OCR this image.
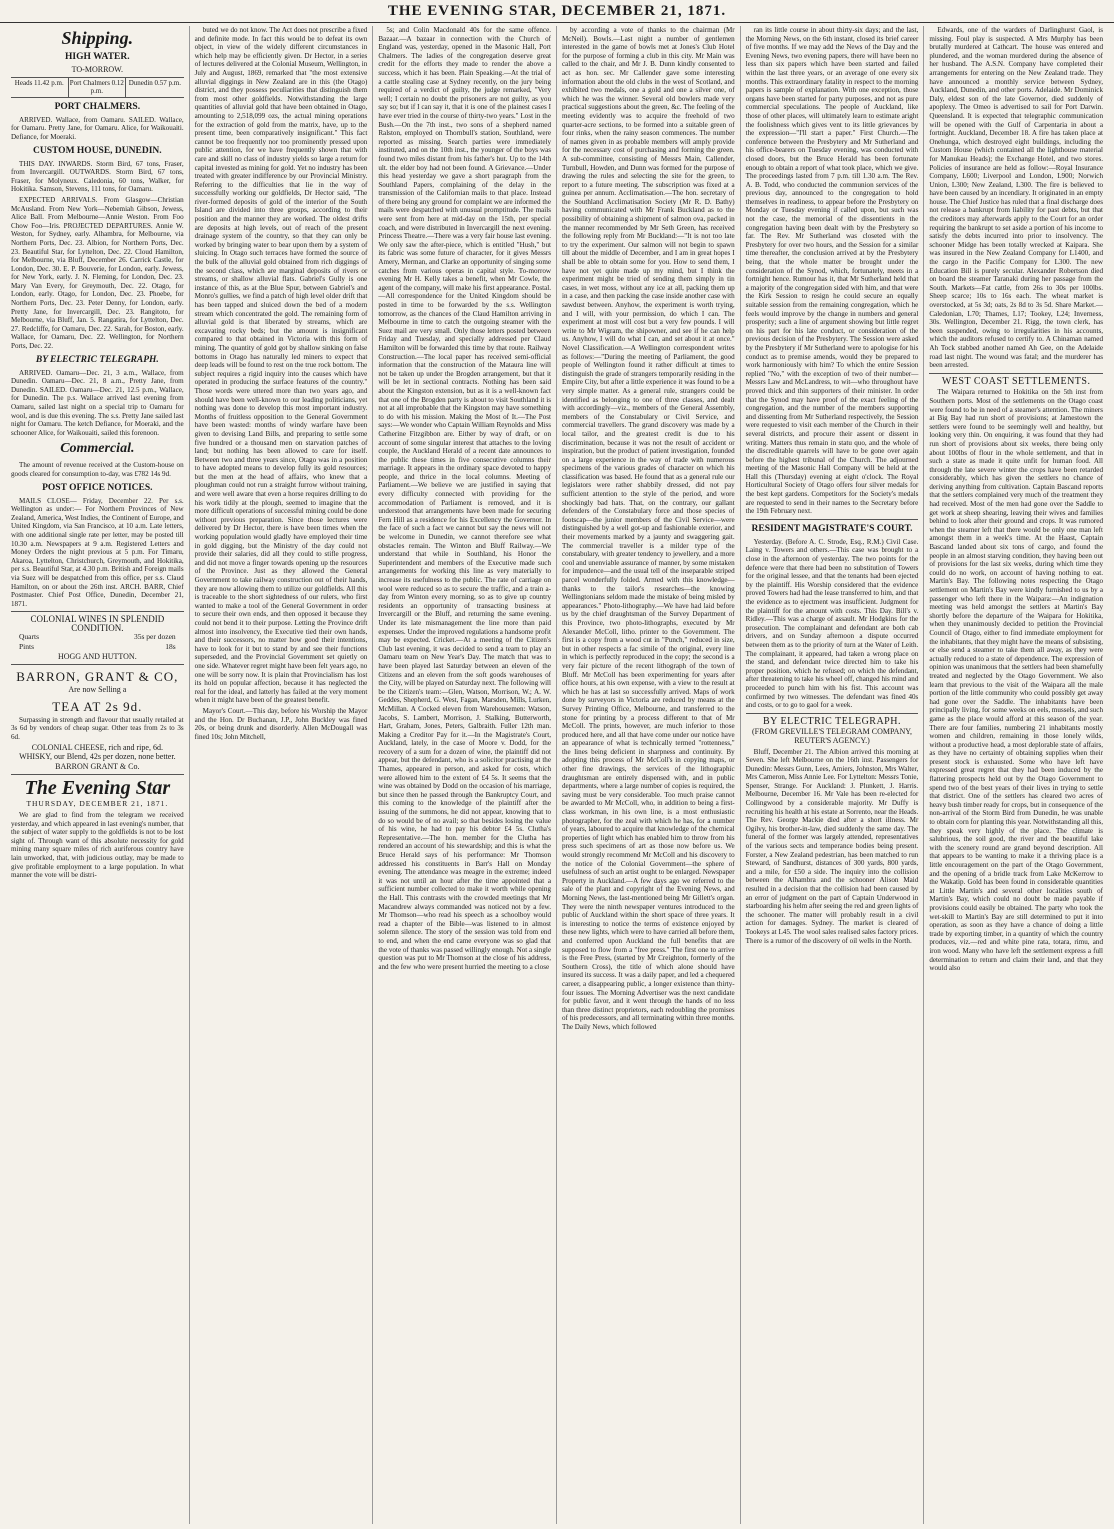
THE EVENING STAR, DECEMBER 21, 1871.
Shipping.
HIGH WATER.
TO-MORROW.
Heads 11.42 p.m. Port Chalmers 0.12 p.m.
Dunedin 0.57 p.m.
PORT CHALMERS.

ARRIVED. Wallace, from Oamaru. SAILED. Wallace, for Oamaru. Pretty Jane, for Oamaru. Alice, for Waikouaiti. Defiance, for Moeraki.

CUSTOM HOUSE, DUNEDIN.

THIS DAY. INWARDS. Storm Bird, 67 tons, Fraser, from Invercargill. OUTWARDS. Storm Bird, 67 tons, Fraser, for Molyneux. Caledonia, 60 tons, Walker, for Hokitika. Samson, Stevens, 111 tons, for Oamaru.

EXPECTED ARRIVALS. From Glasgow—Christian McAusland. From New York—Nebemiah Gibson, Jewess, Alice Ball. From Melbourne—Annie Weston. From Foo Chow Foo—Iris. PROJECTED DEPARTURES. Annie W. Weston, for Sydney, early. Alhambra, for Melbourne, via Northern Ports, Dec. 23. Albion, for Northern Ports, Dec. 23. Beautiful Star, for Lyttelton, Dec. 22. Cloud Hamilton, for Melbourne, via Bluff, December 26. Carrick Castle, for London, Dec. 30. E. P. Bouverie, for London, early. Jewess, for New York, early. J. N. Fleming, for London, Dec. 23. Mary Van Every, for Greymouth, Dec. 22. Otago, for London, early. Otago, for London, Dec. 23. Phoebe, for Northern Ports, Dec. 23. Peter Denny, for London, early. Pretty Jane, for Invercargill, Dec. 23. Rangitoto, for Melbourne, via Bluff, Jan. 5. Rangatira, for Lyttelton, Dec. 27. Redcliffe, for Oamaru, Dec. 22. Sarah, for Boston, early. Wallace, for Oamaru, Dec. 22. Wellington, for Northern Ports, Dec. 22.

BY ELECTRIC TELEGRAPH.

ARRIVED. Oamaru—Dec. 21, 3 a.m., Wallace, from Dunedin. Oamaru—Dec. 21, 8 a.m., Pretty Jane, from Dunedin. SAILED. Oamaru—Dec. 21, 12.5 p.m., Wallace, for Dunedin. The p.s. Wallace arrived last evening from Oamaru, sailed last night on a special trip to Oamaru for wool, and is due this evening. The s.s. Pretty Jane sailed last night for Oamaru. The ketch Defiance, for Moeraki, and the schooner Alice, for Waikouaiti, sailed this forenoon.

Commercial.

The amount of revenue received at the Custom-house on goods cleared for consumption to-day, was £782 14s 9d.

POST OFFICE NOTICES.

MAILS CLOSE— Friday, December 22. Per s.s. Wellington as under:— For Northern Provinces of New Zealand, America, West Indies, the Continent of Europe, and United Kingdom, via San Francisco, at 10 a.m. Late letters, with one additional single rate per letter, may be posted till 10.30 a.m. Newspapers at 9 a.m. Registered Letters and Money Orders the night previous at 5 p.m. For Timaru, Akaroa, Lyttelton, Christchurch, Greymouth, and Hokitika, per s.s. Beautiful Star, at 4.30 p.m. British and Foreign mails via Suez will be despatched from this office, per s.s. Claud Hamilton, on or about the 26th inst. ARCH. BARR, Chief Postmaster. Chief Post Office, Dunedin, December 21, 1871.

COLONIAL WINES IN SPLENDID CONDITION.
Quarts	35s per dozen
Pints	18s
HOGG AND HUTTON.
BARRON, GRANT & CO,
Are now Selling a
TEA AT 2s 9d.

Surpassing in strength and flavour that usually retailed at 3s 6d by vendors of cheap sugar. Other teas from 2s to 3s 6d.

COLONIAL CHEESE, rich and ripe, 6d.
WHISKY, our Blend, 42s per dozen, none better.
BARRON GRANT & Co.
The Evening Star
THURSDAY, DECEMBER 21, 1871.

We are glad to find from the telegram we received yesterday, and which appeared in last evening's number, that the subject of water supply to the goldfields is not to be lost sight of. Through want of this absolute necessity for gold mining many square miles of rich auriferous country have lain unworked, that, with judicious outlay, may be made to give profitable employment to a large population. In what manner the vote will be distri-

buted we do not know. The Act does not prescribe a fixed and definite mode. In fact this would be to defeat its own object, in view of the widely different circumstances in which help may be efficiently given. Dr Hector, in a series of lectures delivered at the Colonial Museum, Wellington, in July and August, 1869, remarked that "the most extensive alluvial diggings in New Zealand are in this (the Otago) district, and they possess peculiarities that distinguish them from most other goldfields. Notwithstanding the large quantities of alluvial gold that have been obtained in Otago, amounting to 2,518,099 ozs, the actual mining operations for the extraction of gold from the matrix, have, up to the present time, been comparatively insignificant." This fact cannot be too frequently nor too prominently pressed upon public attention, for we have frequently shown that with care and skill no class of industry yields so large a return for capital invested as mining for gold. Yet no industry has been treated with greater indifference by our Provincial Ministry. Referring to the difficulties that lie in the way of successfully working our goldfields, Dr Hector said, "The river-formed deposits of gold of the interior of the South Island are divided into three groups, according to their position and the manner they are worked. The oldest drifts are deposits at high levels, out of reach of the present drainage system of the country, so that they can only be worked by bringing water to bear upon them by a system of sluicing. In Otago such terraces have formed the source of the bulk of the alluvial gold obtained from rich diggings of the second class, which are marginal deposits of rivers or streams, or shallow alluvial flats. Gabriel's Gully is one instance of this, as at the Blue Spur, between Gabriel's and Monro's gullies, we find a patch of high level older drift that has been tapped and sluiced down the bed of a modern stream which concentrated the gold. The remaining form of alluvial gold is that liberated by streams, which are excavating rocky beds; but the amount is insignificant compared to that obtained in Victoria with this form of mining. The quantity of gold got by shallow sinking on false bottoms in Otago has naturally led miners to expect that deep leads will be found to rest on the true rock bottom. The subject requires a rigid inquiry into the causes which have operated in producing the surface features of the country." Those words were uttered more than two years ago, and should have been well-known to our leading politicians, yet nothing was done to develop this most important industry. Months of fruitless opposition to the General Government have been wasted: months of windy warfare have been given to devising Land Bills, and preparing to settle some five hundred or a thousand men on starvation patches of land; but nothing has been allowed to care for itself. Between two and three years since, Otago was in a position to have adopted means to develop fully its gold resources; but the men at the head of affairs, who knew that a ploughman could not run a straight furrow without training, and were well aware that even a horse requires drilling to do his work tidily at the plough, seemed to imagine that the more difficult operations of successful mining could be done without previous preparation. Since those lectures were delivered by Dr Hector, there is have been times when the working population would gladly have employed their time in gold digging, but the Ministry of the day could not provide their salaries, did all they could to stifle progress, and did not move a finger towards opening up the resources of the Province. Just as they allowed the General Government to take railway construction out of their hands, they are now allowing them to utilize our goldfields. All this is traceable to the short sightedness of our rulers, who first wanted to make a tool of the General Government in order to secure their own ends, and then opposed it because they could not bend it to their purpose. Letting the Province drift almost into insolvency, the Executive tied their own hands, and their successors, no matter how good their intentions, have to look for it but to stand by and see their functions superseded, and the Provincial Government set quietly on one side. Whatever regret might have been felt years ago, no one will be sorry now. It is plain that Provincialism has lost its hold on popular affection, because it has neglected the real for the ideal, and latterly has failed at the very moment when it might have been of the greatest benefit.

Mayor's Court.—This day, before his Worship the Mayor and the Hon. Dr Buchanan, J.P., John Buckley was fined 20s, or being drunk and disorderly. Allen McDougall was fined 10s; John Mitchell,

5s; and Colin Macdonald 40s for the same offence. Bazaar.—A bazaar in connection with the Church of England was, yesterday, opened in the Masonic Hall, Port Chalmers. The ladies of the congregation deserve great credit for the efforts they made to render the above a success, which it has been. Plain Speaking.—At the trial of a cattle stealing case at Sydney recently, on the jury being required of a verdict of guilty, the judge remarked, "Very well; I certain no doubt the prisoners are not guilty, as you say so; but if I can say it, that it is one of the plainest cases I have ever tried in the course of thirty-two years." Lost in the Bush.—On the 7th inst., two sons of a shepherd named Ralston, employed on Thornbull's station, Southland, were reported as missing. Search parties were immediately instituted, and on the 10th inst., the younger of the boys was found two miles distant from his father's hut. Up to the 14th ult. the elder boy had not been found. A Grievance.—Under this head yesterday we gave a short paragraph from the Southland Papers, complaining of the delay in the transmission of the Californian mails to that place. Instead of there being any ground for complaint we are informed the mails were despatched with unusual promptitude. The mails were sent from here at mid-day on the 15th, per special coach, and were distributed in Invercargill the next evening. Princess Theatre.—There was a very fair house last evening. We only saw the after-piece, which is entitled "Hush," but its fabric was some future of character, for it gives Messrs Amery, Merman, and Clarke an opportunity of singing some catches from various operas in capital style. To-morrow evening Mr H. Kelly takes a benefit, when Mr Cowle, the agent of the company, will make his first appearance. Postal.—All correspondence for the United Kingdom should be posted in time to be forwarded by the s.s. Wellington tomorrow, as the chances of the Claud Hamilton arriving in Melbourne in time to catch the outgoing steamer with the Suez mail are very small. Only those letters posted between Friday and Tuesday, and specially addressed per Claud Hamilton will be forwarded this time by that route. Railway Construction.—The local paper has received semi-official information that the construction of the Mataura line will not be taken up under the Brogden arrangement, but that it will be let in sectional contracts. Nothing has been said about the Kingston extension, but as it is a well-known fact that one of the Brogden party is about to visit Southland it is not at all improbable that the Kingston may have something to do with his mission. Making the Most of It.—The Post says:—We wonder who Captain William Reynolds and Miss Catherine Fitzgibbon are. Either by way of draft, or on account of some singular interest that attaches to the loving couple, the Auckland Herald of a recent date announces to the public these times in five consecutive columns their marriage. It appears in the ordinary space devoted to happy people, and thrice in the local columns. Meeting of Parliament.—We believe we are justified in saying that every difficulty connected with providing for the accommodation of Parliament is removed, and it is understood that arrangements have been made for securing Fern Hill as a residence for his Excellency the Governor. In the face of such a fact we cannot but say the news will not be welcome in Dunedin, we cannot therefore see what obstacles remain. The Winton and Bluff Railway.—We understand that while in Southland, his Honor the Superintendent and members of the Executive made such arrangements for working this line as very materially to increase its usefulness to the public. The rate of carriage on wool were reduced so as to secure the traffic, and a train a-day from Winton every morning, so as to give up country residents an opportunity of transacting business at Invercargill or the Bluff, and returning the same evening. Under its late mismanagement the line more than paid expenses. Under the improved regulations a handsome profit may be expected. Cricket.—At a meeting of the Citizen's Club last evening, it was decided to send a team to play an Oamaru team on New Year's Day. The match that was to have been played last Saturday between an eleven of the Citizens and an eleven from the soft goods warehouses of the City, will be played on Saturday next. The following will be the Citizen's team:—Glen, Watson, Morrison, W.; A. W. Geddes, Shepherd, G. West, Fagan, Marsden, Mills, Lurken, McMillan. A Cocked eleven from Warehousemen: Watson, Jacobs, S. Lambert, Morrison, J. Stalking, Butterworth, Hart, Graham, Jones, Peters, Galbraith. Fuller 12th man. Making a Creditor Pay for it.—In the Magistrate's Court, Auckland, lately, in the case of Moore v. Dodd, for the recovery of a sum for a dozen of wine, the plaintiff did not appear, but the defendant, who is a solicitor practising at the Thames, appeared in person, and asked for costs, which were allowed him to the extent of £4 5s. It seems that the wine was obtained by Dodd on the occasion of his marriage, but since then he passed through the Bankruptcy Court, and this coming to the knowledge of the plaintiff after the issuing of the summons, he did not appear, knowing that to do so would be of no avail; so that besides losing the value of his wine, he had to pay his debtor £4 5s. Clutha's Representative.—The hon. member for the Clutha has rendered an account of his stewardship; and this is what the Bruce Herald says of his performance: Mr Thomson addressed his constituents in Barr's Hall on Monday evening. The attendance was meagre in the extreme; indeed it was not until an hour after the time appointed that a sufficient number collected to make it worth while opening the Hall. This contrasts with the crowded meetings that Mr Macandrew always commanded was noticed not by a few. Mr Thomson—who read his speech as a schoolboy would read a chapter of the Bible—was listened to in almost solemn silence. The story of the session was told from end to end, and when the end came everyone was so glad that the vote of thanks was passed willingly enough. Not a single question was put to Mr Thomson at the close of his address, and the few who were present hurried the meeting to a close

by according a vote of thanks to the chairman (Mr McNeil). Bowls.—Last night a number of gentlemen interested in the game of bowls met at Jones's Club Hotel for the purpose of forming a club in this city. Mr Main was called to the chair, and Mr J. B. Dunn kindly consented to act as hon. sec. Mr Callender gave some interesting information about the old clubs in the west of Scotland, and exhibited two medals, one a gold and one a silver one, of which he was the winner. Several old bowlers made very practical suggestions about the green, &c. The feeling of the meeting evidently was to acquire the freehold of two quarter-acre sections, to be formed into a suitable green of four rinks, when the rainy season commences. The number of names given in as probable members will amply provide for the necessary cost of purchasing and forming the green. A sub-committee, consisting of Messrs Main, Callender, Turnbull, Howden, and Dunn was formed for the purpose of drawing the rules and selecting the site for the green, to report to a future meeting. The subscription was fixed at a guinea per annum. Acclimatisation.—The hon. secretary of the Southland Acclimatisation Society (Mr R. D. Bathy) having communicated with Mr Frank Buckland as to the possibility of obtaining a shipment of salmon ova, packed in the manner recommended by Mr Seth Green, has received the following reply from Mr Buckland:—"It is not too late to try the experiment. Our salmon will not begin to spawn till about the middle of December, and I am in great hopes I shall be able to obtain some for you. How to send them, I have not yet quite made up my mind, but I think the experiment might be tried of sending them simply in tin cases, in wet moss, without any ice at all, packing them up in a case, and then packing the case inside another case with sawdust between. Anyhow, the experiment is worth trying, and I will, with your permission, do which I can. The experiment at most will cost but a very few pounds. I will write to Mr Wigram, the shipowner, and see if he can help us. Anyhow, I will do what I can, and set about it at once." Novel Classification.—A Wellington correspondent writes as follows:—"During the meeting of Parliament, the good people of Wellington found it rather difficult at times to distinguish the grade of strangers temporarily residing in the Empire City, but after a little experience it was found to be a very simple matter. As a general rule, strangers could be identified as belonging to one of three classes, and dealt with accordingly—viz., members of the General Assembly, members of the Constabulary or Civil Service, and commercial travellers. The grand discovery was made by a local tailor, and the greatest credit is due to his discrimination, because it was not the result of accident or inspiration, but the product of patient investigation, founded on a large experience in the way of trade with numerous specimens of the various grades of character on which his classification was based. He found that as a general rule our legislators were rather shabbily dressed, did not pay sufficient attention to the style of the period, and wore shockingly bad hats. That, on the contrary, our gallant defenders of the Constabulary force and those species of footscap—the junior members of the Civil Service—were distinguished by a well got-up and fashionable exterior, and their movements marked by a jaunty and swaggering gait. The commercial traveller is a milder type of the constabulary, with greater tendency to jewellery, and a more cool and unenviable assurance of manner, by some mistaken for impudence—and the usual tell of the inseparable striped parcel wonderfully folded. Armed with this knowledge—thanks to the tailor's researches—the knowing Wellingtonians seldom made the mistake of being misled by appearances." Photo-lithography.—We have had laid before us by the chief draughtsman of the Survey Department of this Province, two photo-lithographs, executed by Mr Alexander McColl, litho. printer to the Government. The first is a copy from a wood cut in "Punch," reduced in size, but in other respects a fac simile of the original, every line in which is perfectly reproduced in the copy; the second is a very fair picture of the recent lithograph of the town of Bluff. Mr McColl has been experimenting for years after office hours, at his own expense, with a view to the result at which he has at last so successfully arrived. Maps of work done by surveyors in Victoria are reduced by means at the Survey Printing Office, Melbourne, and transferred to the stone for printing by a process different to that of Mr McColl. The prints, however, are much inferior to those produced here, and all that have come under our notice have an appearance of what is technically termed "rottenness," the lines being deficient in sharpness and continuity. By adopting this process of Mr McColl's in copying maps, or other fine drawings, the services of the lithographic draughtsman are entirely dispensed with, and in public departments, where a large number of copies is required, the saving must be very considerable. Too much praise cannot be awarded to Mr McColl, who, in addition to being a first-class workman, in his own line, is a most enthusiastic photographer, for the zeal with which he has, for a number of years, laboured to acquire that knowledge of the chemical properties of light which has enabled him to throw from his press such specimens of art as those now before us. We would strongly recommend Mr McColl and his discovery to the notice of the Colonial Government—the sphere of usefulness of such an artist ought to be enlarged. Newspaper Property in Auckland.—A few days ago we referred to the sale of the plant and copyright of the Evening News, and Morning News, the last-mentioned being Mr Gillett's organ. They were the ninth newspaper ventures introduced to the public of Auckland within the short space of three years. It is interesting to notice the terms of existence enjoyed by these new lights, which were to have carried all before them, and conferred upon Auckland the full benefits that are supposed to flow from a "free press." The first one to arrive is the Free Press, (started by Mr Creighton, formerly of the Southern Cross), the title of which alone should have insured its success. It was a daily paper, and led a chequered career, a disappearing public, a longer existence than thirty-four issues. The Morning Advertiser was the next candidate for public favor, and it went through the hands of no less than three distinct proprietors, each redoubling the promises of his predecessors, and all terminating within three months. The Daily News, which followed

ran its little course in about thirty-six days; and the last, the Morning News, on the 6th instant, closed its brief career of five months. If we may add the News of the Day and the Evening News, two evening papers, there will have been no less than six papers which have been started and failed within the last three years, or an average of one every six months. This extraordinary fatality in respect to the morning papers is sample of explanation. With one exception, those organs have been started for party purposes, and not as pure commercial speculations. The people of Auckland, like those of other places, will ultimately learn to estimate aright the foolishness which gives vent to its little grievances by the expression—"I'll start a paper." First Church.—The conference between the Presbytery and Mr Sutherland and his office-bearers on Tuesday evening, was conducted with closed doors, but the Bruce Herald has been fortunate enough to obtain a report of what took place, which we give. The proceedings lasted from 7 p.m. till 1.30 a.m. The Rev. A. B. Todd, who conducted the communion services of the previous day, announced to the congregation to hold themselves in readiness, to appear before the Presbytery on Monday or Tuesday evening if called upon, but such was not the case, the memorial of the dissentients in the congregation having been dealt with by the Presbytery so far. The Rev. Mr Sutherland was closeted with the Presbytery for over two hours, and the Session for a similar time thereafter, the conclusion arrived at by the Presbytery being, that the whole matter be brought under the consideration of the Synod, which, fortunately, meets in a fortnight hence. Rumour has it, that Mr Sutherland held that a majority of the congregation sided with him, and that were the Kirk Session to resign he could secure an equally suitable session from the remaining congregation, which he feels would improve by the change in numbers and general prosperity; such a line of argument showing but little regret on his part for his late conduct, or consideration of the previous decision of the Presbytery. The Session were asked by the Presbytery if Mr Sutherland were to apologise for his conduct as to premise amends, would they be prepared to work harmoniously with him? To which the entire Session replied "No," with the exception of two of their number—Messrs Law and McLandress, to wit—who throughout have proved thick and thin supporters of their minister. In order that the Synod may have proof of the exact feeling of the congregation, and the number of the members supporting and dissenting from Mr Sutherland respectively, the Session were requested to visit each member of the Church in their several districts, and procure their assent or dissent in writing. Matters thus remain in statu quo, and the whole of the discreditable quarrels will have to be gone over again before the highest tribunal of the Church. The adjourned meeting of the Masonic Hall Company will be held at the Hall this (Thursday) evening at eight o'clock. The Royal Horticultural Society of Otago offers four silver medals for the best kept gardens. Competitors for the Society's medals are requested to send in their names to the Secretary before the 19th February next.

RESIDENT MAGISTRATE'S COURT.

Yesterday. (Before A. C. Strode, Esq., R.M.) Civil Case. Laing v. Towers and others.—This case was brought to a close in the afternoon of yesterday. The two points for the defence were that there had been no substitution of Towers for the original lessee, and that the tenants had been ejected by the plaintiff. His Worship considered that the evidence proved Towers had had the lease transferred to him, and that the evidence as to ejectment was insufficient. Judgment for the plaintiff for the amount with costs. This Day. Bill's v. Ridley.—This was a charge of assault. Mr Hodgkins for the prosecution. The complainant and defendant are both cab drivers, and on Sunday afternoon a dispute occurred between them as to the priority of turn at the Water of Leith. The complainant, it appeared, had taken a wrong place on the stand, and defendant twice directed him to take his proper position, which he refused; on which the defendant, after threatening to take his wheel off, changed his mind and proceeded to punch him with his fist. This account was confirmed by two witnesses. The defendant was fined 40s and costs, or to go to gaol for a week.

BY ELECTRIC TELEGRAPH.
(FROM GREVILLE'S TELEGRAM COMPANY, REUTER'S AGENCY.)

Bluff, December 21. The Albion arrived this morning at Seven. She left Melbourne on the 16th inst. Passengers for Dunedin: Messrs Gunn, Lees, Amiers, Johnston, Mrs Walter, Mrs Cameron, Miss Annie Lee. For Lyttelton: Messrs Tonie, Spenser, Strange. For Auckland: J. Plunkett, J. Harris. Melbourne, December 16. Mr Vale has been re-elected for Collingwood by a considerable majority. Mr Duffy is recruiting his health at his estate at Sorrento, near the Heads. The Rev. George Mackie died after a short illness. Mr Ogilvy, his brother-in-law, died suddenly the same day. The funeral of the former was largely attended, representatives of the various sects and temperance bodies being present. Forster, a New Zealand pedestrian, has been matched to run Steward, of Sandhurst, distances of 300 yards, 800 yards, and a mile, for £50 a side. The inquiry into the collision between the Alhambra and the schooner Alison Maid resulted in a decision that the collision had been caused by an error of judgment on the part of Captain Underwood in starboarding his helm after seeing the red and green lights of the schooner. The matter will probably result in a civil action for damages. Sydney. The market is cleared of Tookeys at L45. The wool sales realised sales factory prices. There is a rumor of the discovery of oil wells in the North.

Edwards, one of the warders of Darlinghurst Gaol, is missing. Foul play is suspected. A Mrs Murphy has been brutally murdered at Cathcart. The house was entered and plundered, and the woman murdered during the absence of her husband. The A.S.N. Company have completed their arrangements for entering on the New Zealand trade. They have announced a monthly service between Sydney, Auckland, Dunedin, and other ports. Adelaide. Mr Dominick Daly, eldest son of the late Governor, died suddenly of apoplexy. The Omeo is advertised to sail for Port Darwin. Queensland. It is expected that telegraphic communication will be opened with the Gulf of Carpentaria in about a fortnight. Auckland, December 18. A fire has taken place at Onehunga, which destroyed eight buildings, including the Custom House (which contained all the lighthouse material for Manukau Heads); the Exchange Hotel, and two stores. Policies of insurance are held as follow:—Royal Insurance Company, L600; Liverpool and London, L900; Norwich Union, L300; New Zealand, L300. The fire is believed to have been caused by an incendiary. It originated in an empty house. The Chief Justice has ruled that a final discharge does not release a bankrupt from liability for past debts, but that the creditors may afterwards apply to the Court for an order requiring the bankrupt to set aside a portion of his income to satisfy the debts incurred into prior to insolvency. The schooner Midge has been totally wrecked at Kaipara. She was insured in the New Zealand Company for L1400, and the cargo in the Pacific Company for L300. The new Education Bill is purely secular. Alexander Robertson died on board the steamer Taranaki during her passage from the South. Markets—Fat cattle, from 26s to 30s per 100lbs. Sheep scarce; 10s to 16s each. The wheat market is overstocked, at 5s 3d; oats, 2s 8d to 3s 5d. Share Market.—Caledonian, L70; Thames, L17; Tookey, L24; Inverness, 30s. Wellington, December 21. Rigg, the town clerk, has been suspended, owing to irregularities in his accounts, which the auditors refused to certify to. A Chinaman named Ah Tock stabbed another named Ah Gee, on the Adelaide road last night. The wound was fatal; and the murderer has been arrested.

WEST COAST SETTLEMENTS.

The Waipara returned to Hokitika on the 5th inst from Southern ports. Most of the settlements on the Otago coast were found to be in need of a steamer's attention. The miners at Big Bay had run short of provisions; at Jamestown the settlers were found to be seemingly well and healthy, but looking very thin. On enquiring, it was found that they had run short of provisions about six weeks, there being only about 100lbs of flour in the whole settlement, and that in such a state as made it quite unfit for human food. All through the late severe winter the crops have been retarded considerably, which has given the settlers no chance of deriving anything from cultivation. Captain Bascand reports that the settlers complained very much of the treatment they had received. Most of the men had gone over the Saddle to get work at sheep shearing, leaving their wives and families behind to look after their ground and crops. It was rumored when the steamer left that there would be only one man left amongst them in a week's time. At the Haast, Captain Bascand landed about six tons of cargo, and found the people in an almost starving condition, they having been out of provisions for the last six weeks, during which time they could do no work, on account of having nothing to eat. Martin's Bay. The following notes respecting the Otago settlement on Martin's Bay were kindly furnished to us by a passenger who left there in the Waipara:—An indignation meeting was held amongst the settlers at Martin's Bay shortly before the departure of the Waipara for Hokitika, when they unanimously decided to petition the Provincial Council of Otago, either to find immediate employment for the inhabitants, that they might have the means of subsisting, or else send a steamer to take them all away, as they were actually reduced to a state of dependence. The expression of opinion was unanimous that the settlers had been shamefully treated and neglected by the Otago Government. We also learn that previous to the visit of the Waipara all the male portion of the little community who could possibly get away had gone over the Saddle. The inhabitants have been principally living, for some weeks on eels, mussels, and such game as the place would afford at this season of the year. There are four families, numbering 21 inhabitants mostly women and children, remaining in those lonely wilds, without a productive head, a most deplorable state of affairs, as they have no certainty of obtaining supplies when their present stock is exhausted. Some who have left have expressed great regret that they had been induced by the flattering prospects held out by the Otago Government to spend two of the best years of their lives in trying to settle that district. One of the settlers has cleared two acres of heavy bush timber ready for crops, but in consequence of the non-arrival of the Storm Bird from Dunedin, he was unable to obtain corn for planting this year. Notwithstanding all this, they speak very highly of the place. The climate is salubrious, the soil good, the river and the beautiful lake with the scenery round are grand beyond description. All that appears to be wanting to make it a thriving place is a little encouragement on the part of the Otago Government, and the opening of a bridle track from Lake McKerrow to the Wakatip. Gold has been found in considerable quantities at Little Martin's and several other localities south of Martin's Bay, which could no doubt be made payable if provisions could easily be obtained. The party who took the wet-skill to Martin's Bay are still determined to put it into operation, as soon as they have a chance of doing a little trade by exporting timber, in a quantity of which the country produces, viz.—red and white pine rata, totara, rimu, and iron wood. Many who have left the settlement express a full determination to return and claim their land, and that they would also
